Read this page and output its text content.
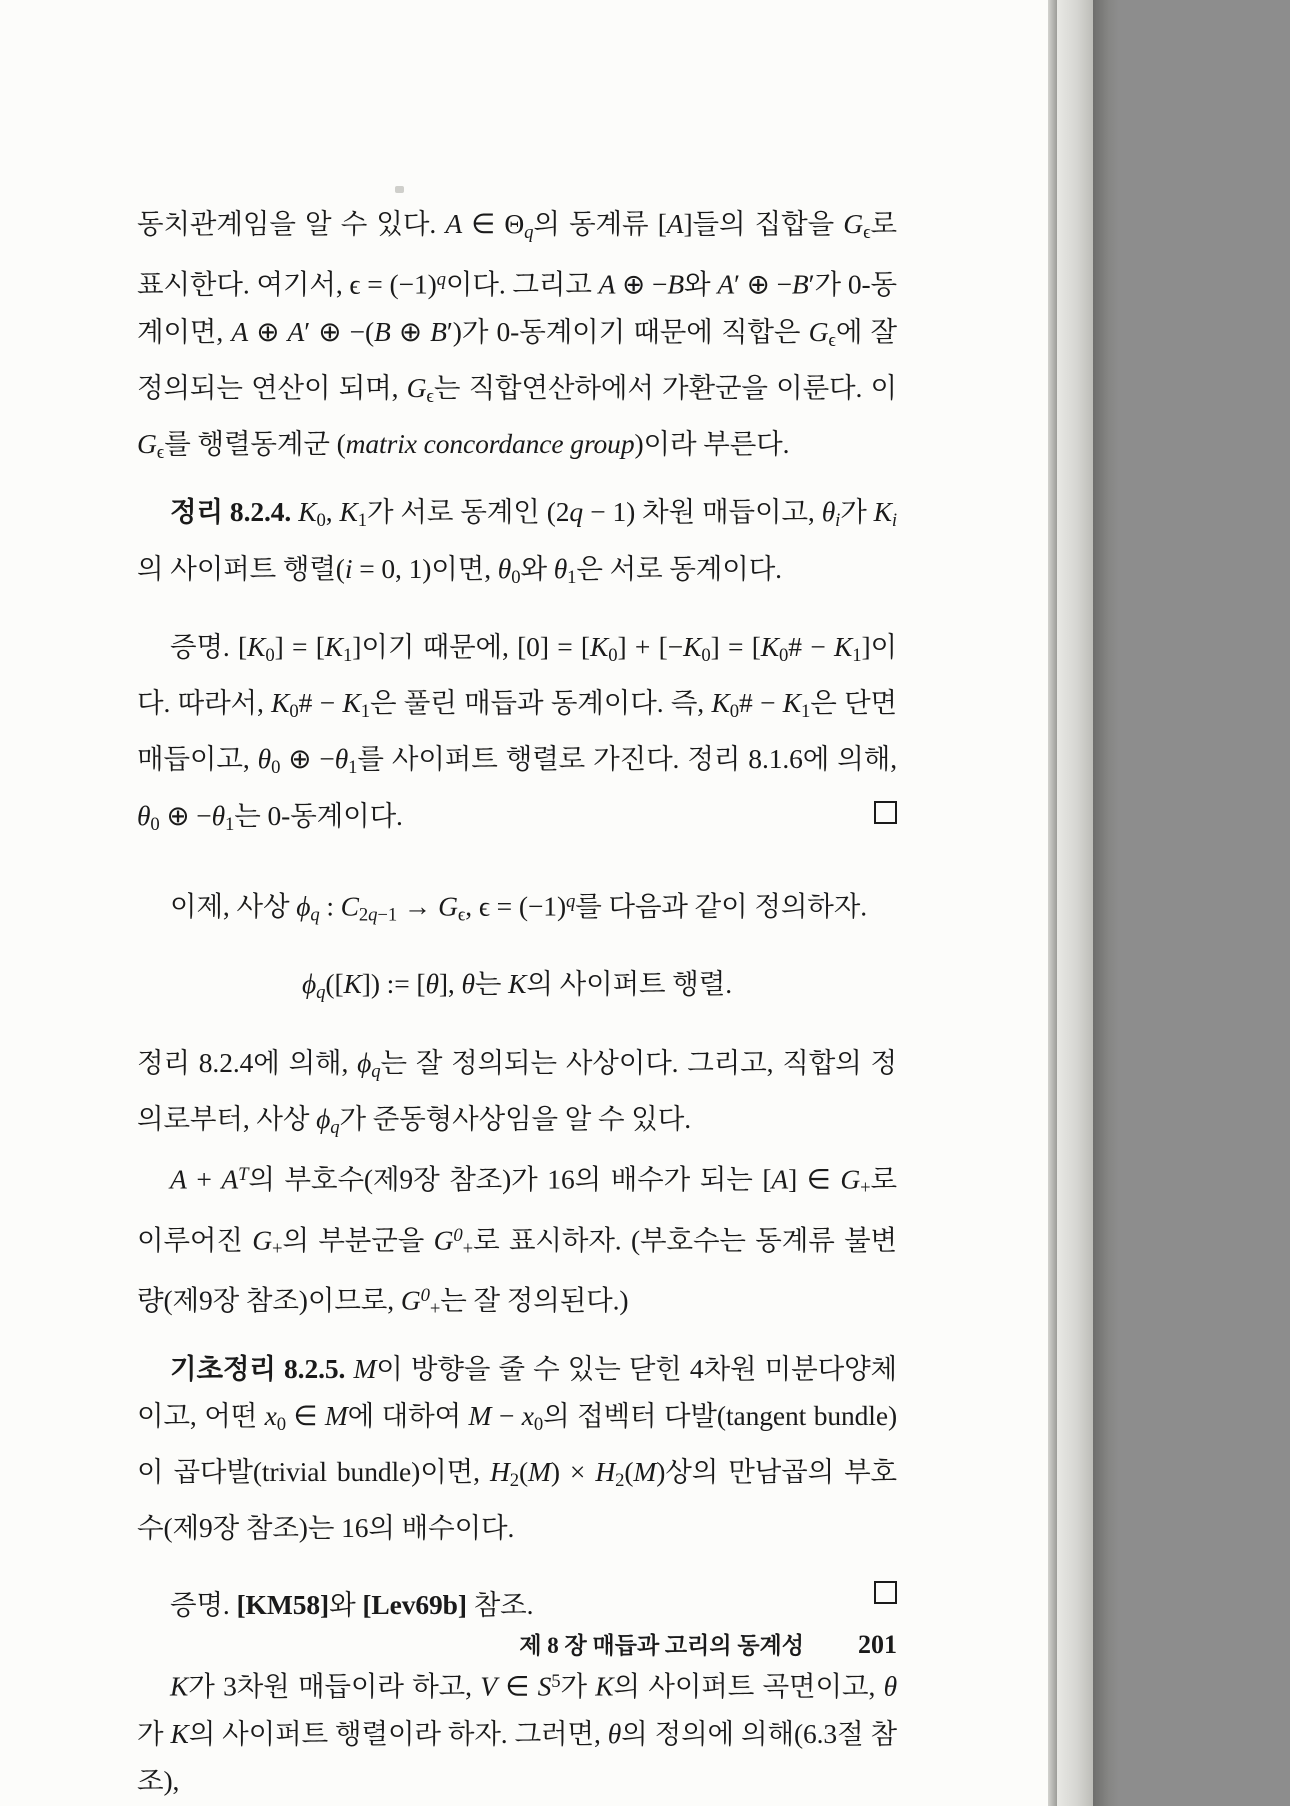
동치관계임을 알 수 있다. A ∈ $\Theta_q$의 동계류 [A]들의 집합을 Gϵ로 표시한다. 여기서, $\epsilon = (-1)^q$이다. 그리고 A ⊕ −B와 A′ ⊕ −B′가 0-동계이면, A ⊕ A′ ⊕ −(B ⊕ B′)가 0-동계이기 때문에 직합은 Gϵ에 잘 정의되는 연산이 되며, Gϵ는 직합연산하에서 가환군을 이룬다. 이 Gϵ를 행렬동계군 (matrix concordance group)이라 부른다.

정리 8.2.4. K0, K1가 서로 동계인 (2q − 1) 차원 매듭이고, $\theta_i$가 $K_i$의 사이퍼트 행렬(i = 0, 1)이면, θ0와 θ1은 서로 동계이다.

증명. [K0] = [K1]이기 때문에, [0] = [K0] + [−K0] = [K0# − K1]이다. 따라서, K0# − K1은 풀린 매듭과 동계이다. 즉, K0# − K1은 단면매듭이고, θ0 ⊕ −θ1를 사이퍼트 행렬로 가진다. 정리 8.1.6에 의해, θ0 ⊕ −θ1는 0-동계이다.

이제, 사상 $\phi_q$ : C2q−1 → Gϵ, $\epsilon = (-1)^q$를 다음과 같이 정의하자.

$\phi_q([K])$ := [θ], θ는 K의 사이퍼트 행렬.

정리 8.2.4에 의해, $\phi_q$는 잘 정의되는 사상이다. 그리고, 직합의 정의로부터, 사상 $\phi_q$가 준동형사상임을 알 수 있다.

$A + A^T$의 부호수(제9장 참조)가 16의 배수가 되는 [A] ∈ G+로 이루어진 G+의 부분군을 $G^0+$로 표시하자. (부호수는 동계류 불변량(제9장 참조)이므로, $G^0+$는 잘 정의된다.)

기초정리 8.2.5. M이 방향을 줄 수 있는 닫힌 4차원 미분다양체이고, 어떤 x0 ∈ M에 대하여 M − x0의 접벡터 다발(tangent bundle)이 곱다발(trivial bundle)이면, H2(M) × H2(M)상의 만남곱의 부호수(제9장 참조)는 16의 배수이다.

증명. [KM58]와 [Lev69b] 참조.

K가 3차원 매듭이라 하고, V ∈ $S^5$가 K의 사이퍼트 곡면이고, θ가 K의 사이퍼트 행렬이라 하자. 그러면, θ의 정의에 의해(6.3절 참조),

제 8 장 매듭과 고리의 동계성 201
